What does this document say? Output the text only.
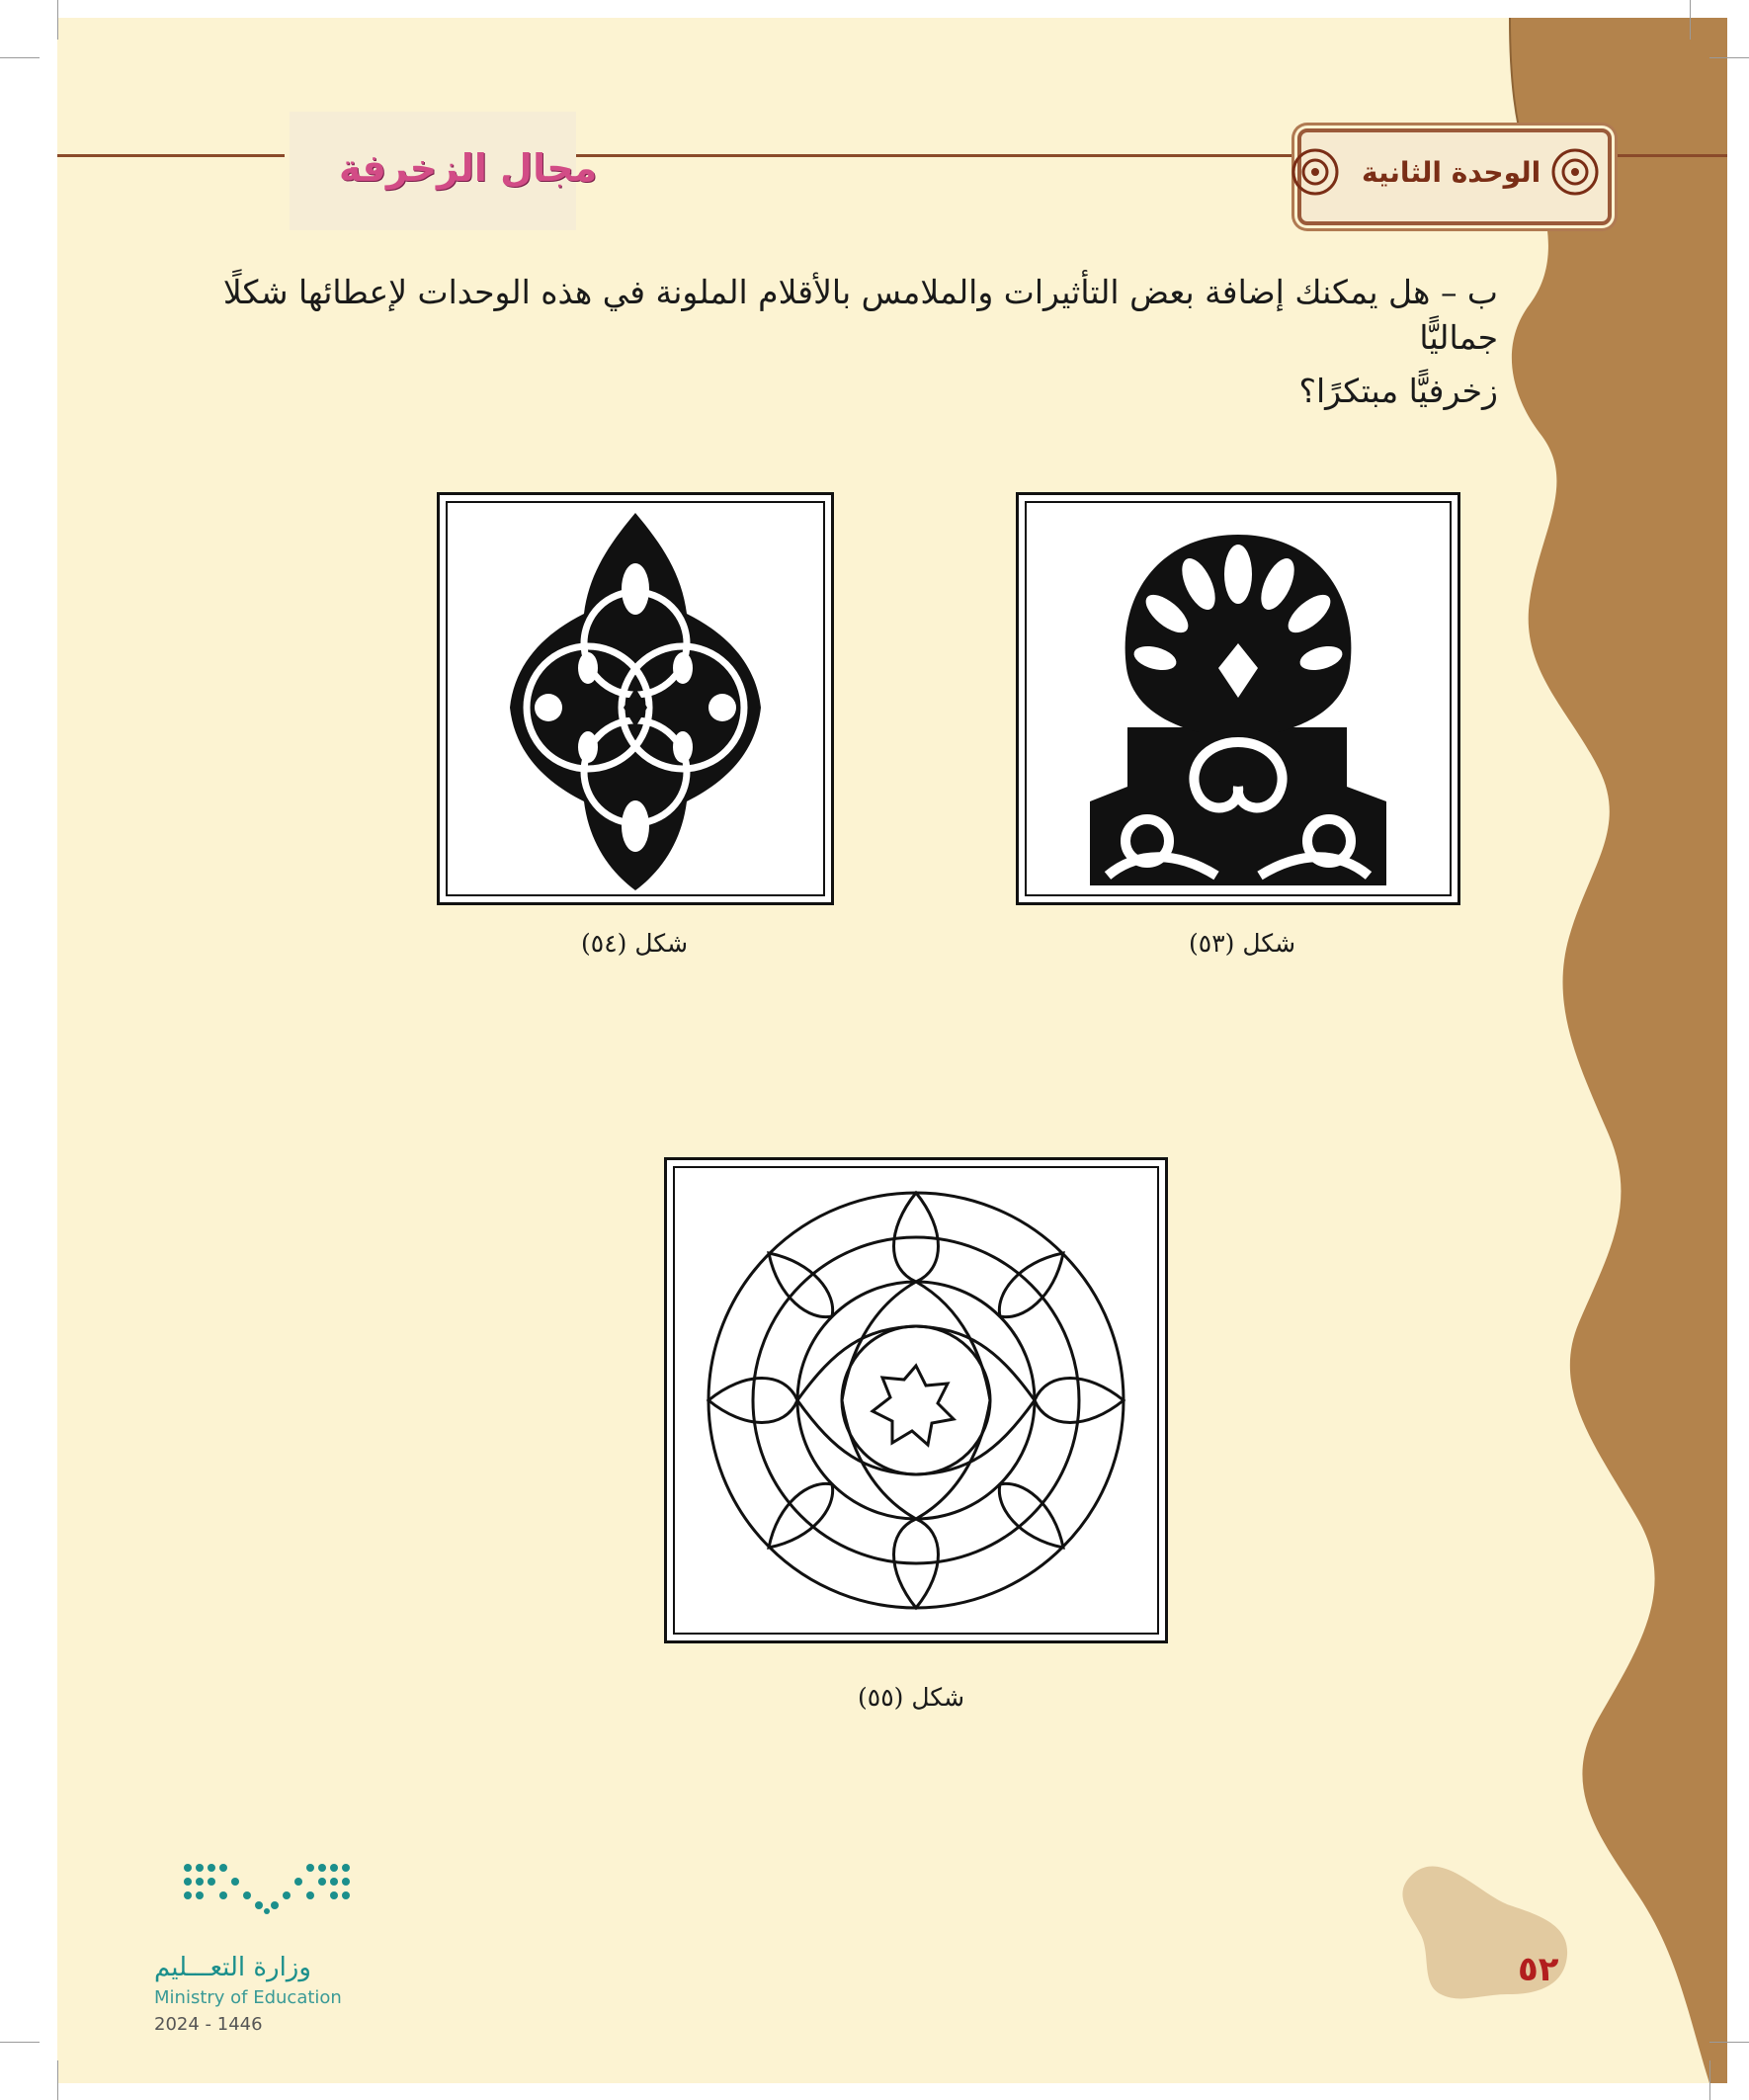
مجال الزخرفة	الوحدة الثانية
ب – هل يمكنك إضافة بعض التأثيرات والملامس بالأقلام الملونة في هذه الوحدات لإعطائها شكلًا جماليًّا
زخرفيًّا مبتكرًا؟
شكل (٥٤)	شكل (٥٣)
شكل (٥٥)
٥٢
وزارة التعـــليم
Ministry of Education
2024 - 1446
